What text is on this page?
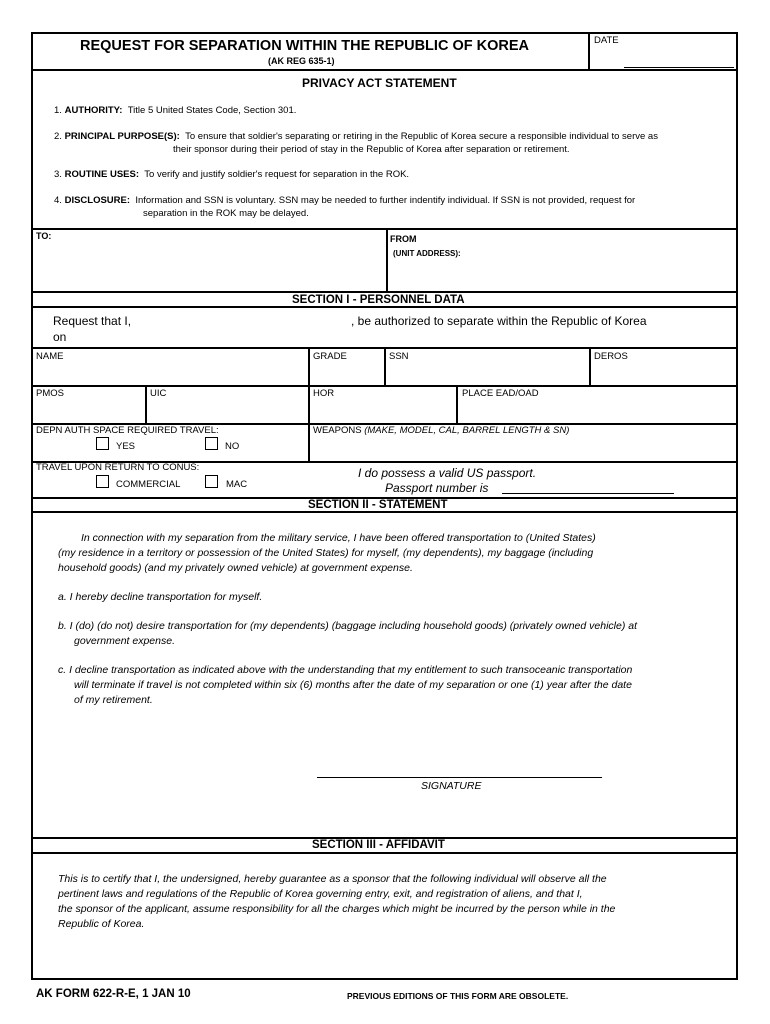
REQUEST FOR SEPARATION WITHIN THE REPUBLIC OF KOREA
(AK REG 635-1)
DATE
PRIVACY ACT STATEMENT
1. AUTHORITY: Title 5 United States Code, Section 301.
2. PRINCIPAL PURPOSE(S): To ensure that soldier's separating or retiring in the Republic of Korea secure a responsible individual to serve as
their sponsor during their period of stay in the Republic of Korea after separation or retirement.
3. ROUTINE USES: To verify and justify soldier's request for separation in the ROK.
4. DISCLOSURE: Information and SSN is voluntary. SSN may be needed to further indentify individual. If SSN is not provided, request for
separation in the ROK may be delayed.
TO:	FROM
(UNIT ADDRESS):
SECTION I - PERSONNEL DATA
Request that I,	, be authorized to separate within the Republic of Korea
on
NAME	GRADE	SSN	DEROS
PMOS	UIC	HOR	PLACE EAD/OAD
DEPN AUTH SPACE REQUIRED TRAVEL:
YES	NO
WEAPONS (MAKE, MODEL, CAL, BARREL LENGTH & SN)
TRAVEL UPON RETURN TO CONUS:
COMMERCIAL	MAC
I do possess a valid US passport.
Passport number is
SECTION II - STATEMENT
In connection with my separation from the military service, I have been offered transportation to (United States)
(my residence in a territory or possession of the United States) for myself, (my dependents), my baggage (including
household goods) (and my privately owned vehicle) at government expense.
a. I hereby decline transportation for myself.
b. I (do) (do not) desire transportation for (my dependents) (baggage including household goods) (privately owned vehicle) at
government expense.
c. I decline transportation as indicated above with the understanding that my entitlement to such transoceanic transportation
will terminate if travel is not completed within six (6) months after the date of my separation or one (1) year after the date
of my retirement.
SIGNATURE
SECTION III - AFFIDAVIT
This is to certify that I, the undersigned, hereby guarantee as a sponsor that the following individual will observe all the
pertinent laws and regulations of the Republic of Korea governing entry, exit, and registration of aliens, and that I,
the sponsor of the applicant, assume responsibility for all the charges which might be incurred by the person while in the
Republic of Korea.
AK FORM 622-R-E, 1 JAN 10	PREVIOUS EDITIONS OF THIS FORM ARE OBSOLETE.
